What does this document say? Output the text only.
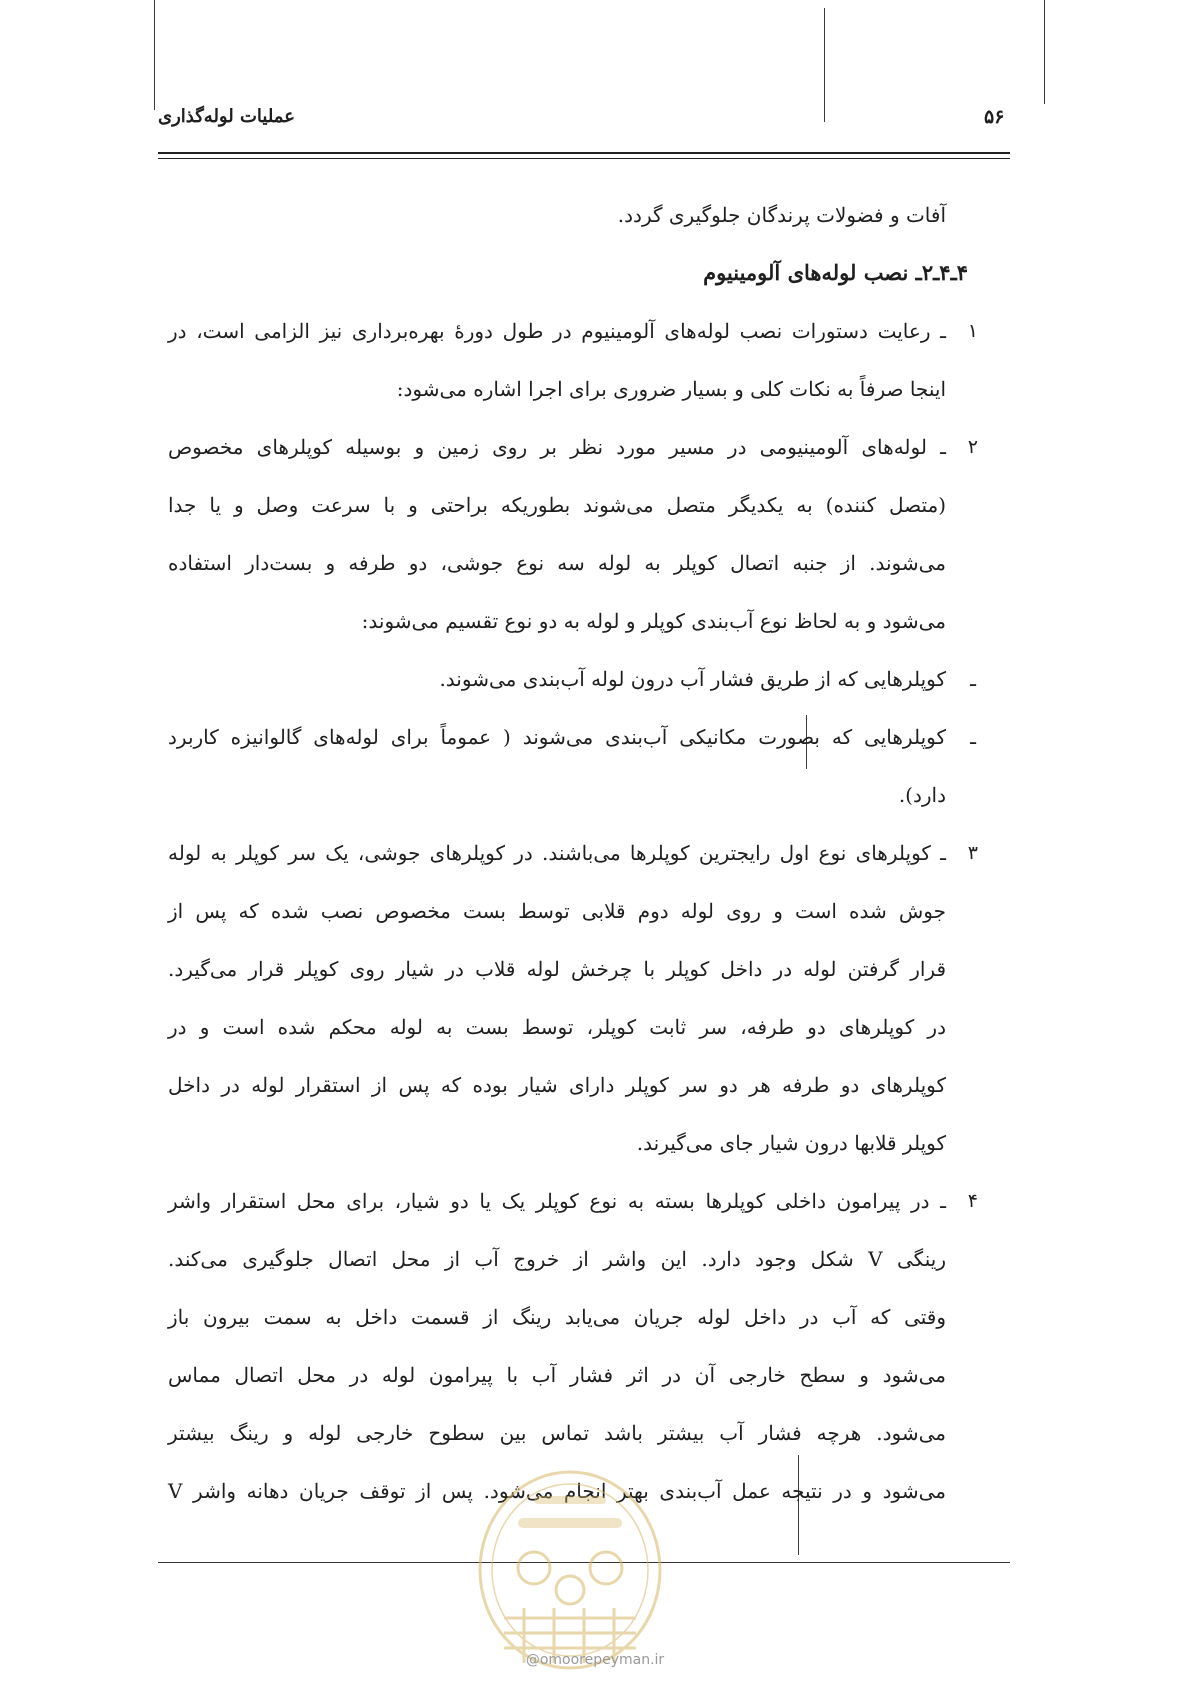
۵۶
عملیات لوله‌گذاری
آفات و فضولات پرندگان جلوگیری گردد.
۴ـ۴ـ۲ـ نصب لوله‌های آلومینیوم
۱
ـ رعایت دستورات نصب لوله‌های آلومینیوم در طول دورهٔ بهره‌برداری نیز الزامی است، در
اینجا صرفاً به نکات کلی و بسیار ضروری برای اجرا اشاره می‌شود:
۲
ـ لوله‌های آلومینیومی در مسیر مورد نظر بر روی زمین و بوسیله کوپلرهای مخصوص
(متصل کننده) به یکدیگر متصل می‌شوند بطوریکه براحتی و با سرعت وصل و یا جدا
می‌شوند. از جنبه اتصال کوپلر به لوله سه نوع جوشی، دو طرفه و بست‌دار استفاده
می‌شود و به لحاظ نوع آب‌بندی کوپلر و لوله به دو نوع تقسیم می‌شوند:
ـ
کوپلرهایی که از طریق فشار آب درون لوله آب‌بندی می‌شوند.
ـ
کوپلرهایی که بصورت مکانیکی آب‌بندی می‌شوند ( عموماً برای لوله‌های گالوانیزه کاربرد
دارد).
۳
ـ کوپلرهای نوع اول رایجترین کوپلرها می‌باشند. در کوپلرهای جوشی، یک سر کوپلر به لوله
جوش شده است و روی لوله دوم قلابی توسط بست مخصوص نصب شده که پس از
قرار گرفتن لوله در داخل کوپلر با چرخش لوله قلاب در شیار روی کوپلر قرار می‌گیرد.
در کوپلرهای دو طرفه، سر ثابت کوپلر، توسط بست به لوله محکم شده است و در
کوپلرهای دو طرفه هر دو سر کوپلر دارای شیار بوده که پس از استقرار لوله در داخل
کوپلر قلابها درون شیار جای می‌گیرند.
۴
ـ در پیرامون داخلی کوپلرها بسته به نوع کوپلر یک یا دو شیار، برای محل استقرار واشر
رینگی V شکل وجود دارد. این واشر از خروج آب از محل اتصال جلوگیری می‌کند.
وقتی که آب در داخل لوله جریان می‌یابد رینگ از قسمت داخل به سمت بیرون باز
می‌شود و سطح خارجی آن در اثر فشار آب با پیرامون لوله در محل اتصال مماس
می‌شود. هرچه فشار آب بیشتر باشد تماس بین سطوح خارجی لوله و رینگ بیشتر
می‌شود و در نتیجه عمل آب‌بندی بهتر انجام می‌شود. پس از توقف جریان دهانه واشر V
@omoorepeyman.ir
